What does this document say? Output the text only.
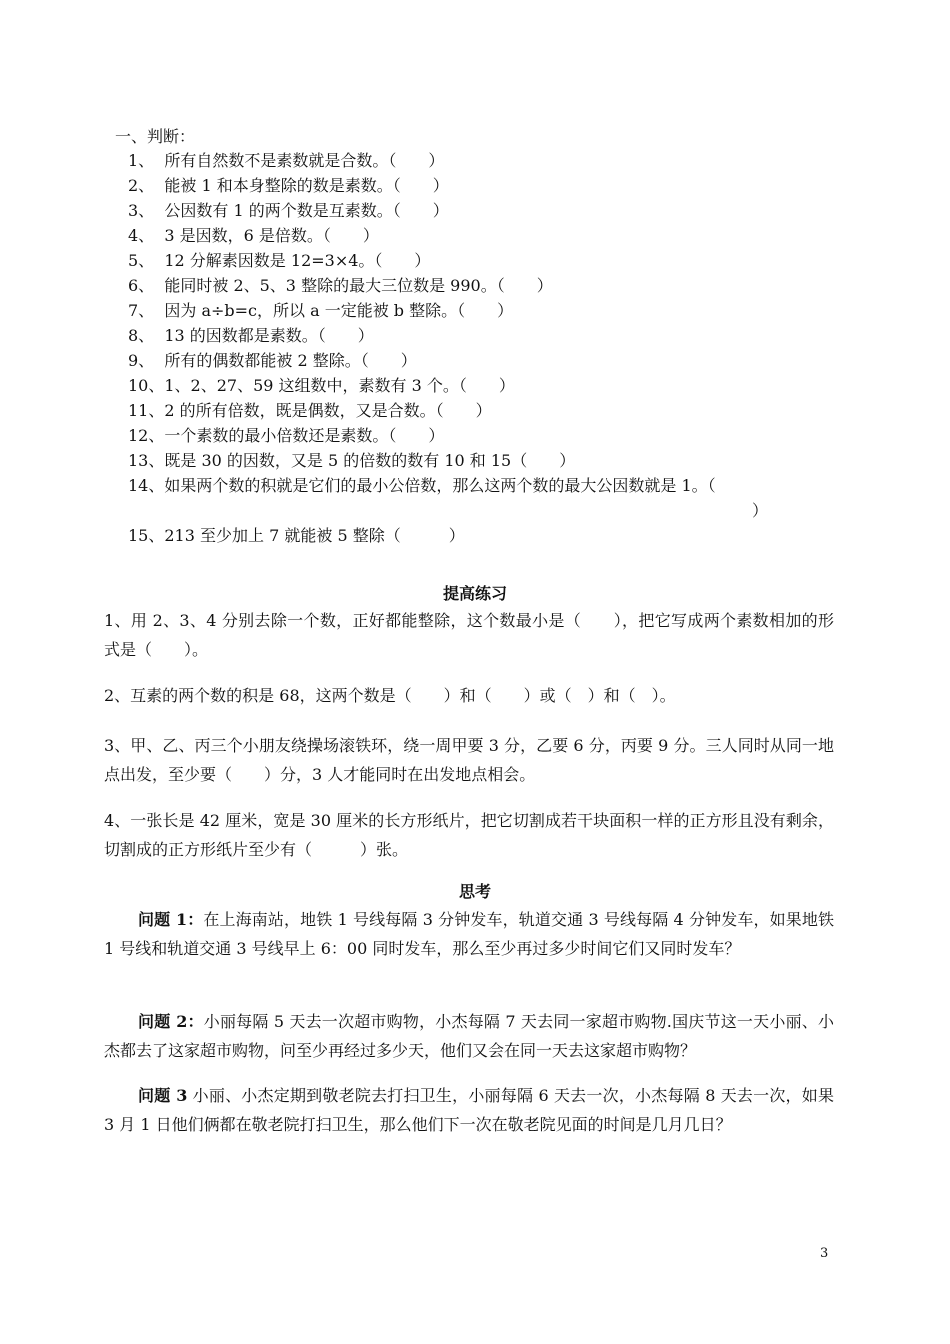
一、判断：
1、 所有自然数不是素数就是合数。（　　）
2、 能被 1 和本身整除的数是素数。（　　）
3、 公因数有 1 的两个数是互素数。（　　）
4、 3 是因数，6 是倍数。（　　）
5、 12 分解素因数是 12=3×4。（　　）
6、 能同时被 2、5、3 整除的最大三位数是 990。（　　）
7、 因为 a÷b=c，所以 a 一定能被 b 整除。（　　）
8、 13 的因数都是素数。（　　）
9、 所有的偶数都能被 2 整除。（　　）
10、1、2、27、59 这组数中，素数有 3 个。（　　）
11、2 的所有倍数，既是偶数，又是合数。（　　）
12、一个素数的最小倍数还是素数。（　　）
13、既是 30 的因数，又是 5 的倍数的数有 10 和 15（　　）
14、如果两个数的积就是它们的最小公倍数，那么这两个数的最大公因数就是 1。（
）
15、213 至少加上 7 就能被 5 整除（　　　）
提高练习
1、用 2、3、4 分别去除一个数，正好都能整除，这个数最小是（　　），把它写成两个素数相加的形式是（　　）。
2、互素的两个数的积是 68，这两个数是（　　）和（　　）或（　）和（　）。
3、甲、乙、丙三个小朋友绕操场滚铁环，绕一周甲要 3 分，乙要 6 分，丙要 9 分。三人同时从同一地点出发，至少要（　　）分，3 人才能同时在出发地点相会。
4、一张长是 42 厘米，宽是 30 厘米的长方形纸片，把它切割成若干块面积一样的正方形且没有剩余，切割成的正方形纸片至少有（　　　）张。
思考
问题 1：在上海南站，地铁 1 号线每隔 3 分钟发车，轨道交通 3 号线每隔 4 分钟发车，如果地铁 1 号线和轨道交通 3 号线早上 6：00 同时发车，那么至少再过多少时间它们又同时发车？
问题 2：小丽每隔 5 天去一次超市购物，小杰每隔 7 天去同一家超市购物.国庆节这一天小丽、小杰都去了这家超市购物，问至少再经过多少天，他们又会在同一天去这家超市购物？
问题 3 小丽、小杰定期到敬老院去打扫卫生，小丽每隔 6 天去一次，小杰每隔 8 天去一次，如果 3 月 1 日他们俩都在敬老院打扫卫生，那么他们下一次在敬老院见面的时间是几月几日？
3
